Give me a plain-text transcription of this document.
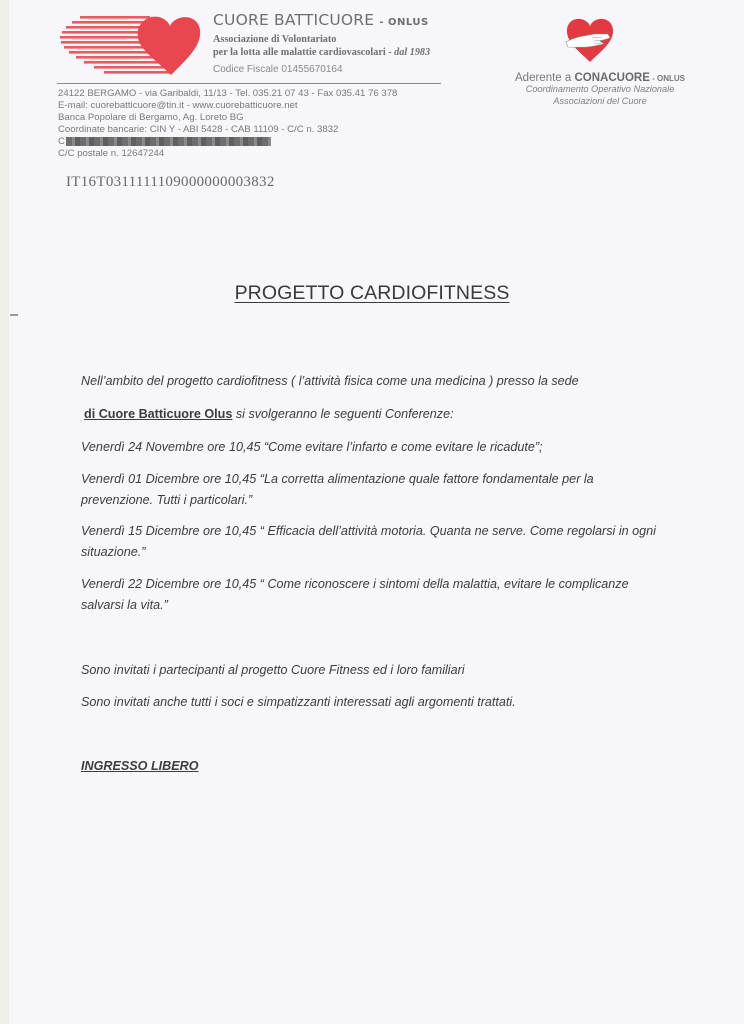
CUORE BATTICUORE - ONLUS
Associazione di Volontariato
per la lotta alle malattie cardiovascolari - dal 1983
Codice Fiscale 01455670164
24122 BERGAMO - via Garibaldi, 11/13 - Tel. 035.21 07 43 - Fax 035.41 76 378
E-mail: cuorebatticuore@tin.it - www.cuorebatticuore.net
Banca Popolare di Bergamo, Ag. Loreto BG
Coordinate bancarie: CIN Y - ABI 5428 - CAB 11109 - C/C n. 3832
C
C/C postale n. 12647244
IT16T0311111109000000003832
Aderente a CONACUORE - ONLUS
Coordinamento Operativo Nazionale
Associazioni del Cuore
PROGETTO CARDIOFITNESS
Nell’ambito del progetto cardiofitness ( l’attività fisica come una medicina ) presso la sede
di Cuore Batticuore Olus si svolgeranno le seguenti Conferenze:
Venerdì 24 Novembre ore 10,45 “Come evitare l’infarto e come evitare le ricadute”;
Venerdì 01 Dicembre ore 10,45 “La corretta alimentazione quale fattore fondamentale per la prevenzione. Tutti i particolari.”
Venerdì 15 Dicembre ore 10,45 “ Efficacia dell’attività motoria. Quanta ne serve. Come regolarsi in ogni situazione.”
Venerdì 22 Dicembre ore 10,45 “ Come riconoscere i sintomi della malattia, evitare le complicanze salvarsi la vita.”
Sono invitati i partecipanti al progetto Cuore Fitness ed i loro familiari
Sono invitati anche tutti i soci e simpatizzanti interessati agli argomenti trattati.
INGRESSO LIBERO
